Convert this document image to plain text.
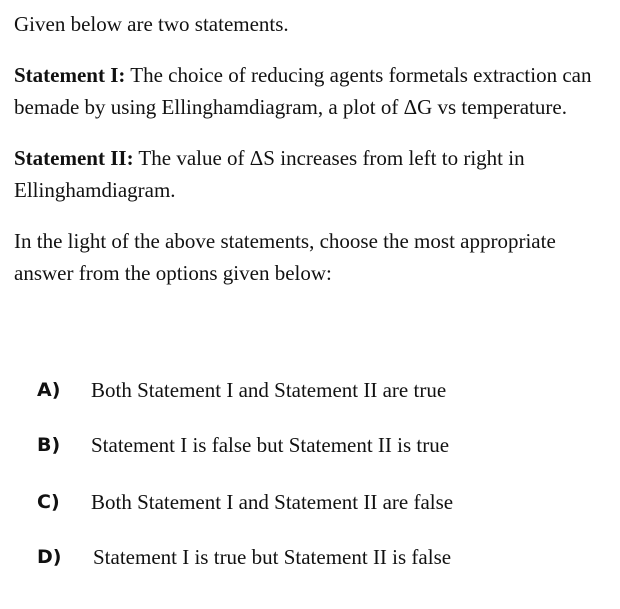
Given below are two statements.

Statement I: The choice of reducing agents formetals extraction can bemade by using Ellinghamdiagram, a plot of ΔG vs temperature.

Statement II: The value of ΔS increases from left to right in Ellinghamdiagram.

In the light of the above statements, choose the most appropriate answer from the options given below:

A)	Both Statement I and Statement II are true
B)	Statement I is false but Statement II is true
C)	Both Statement I and Statement II are false
D)	Statement I is true but Statement II is false
